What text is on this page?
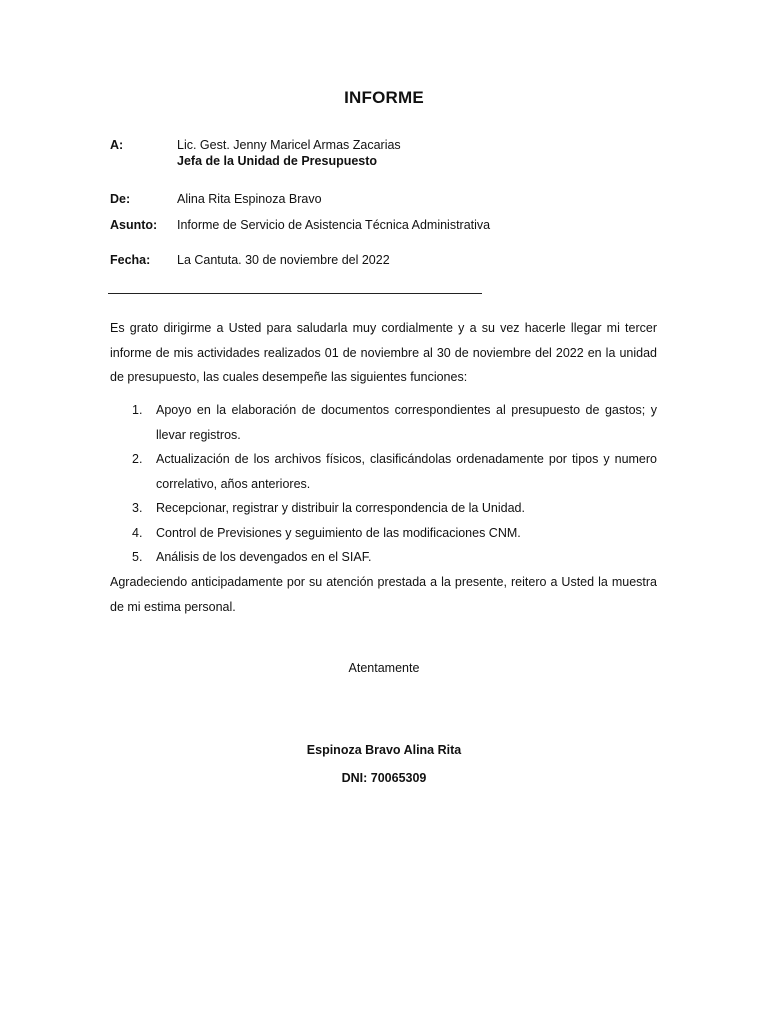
INFORME
A:	Lic. Gest. Jenny Maricel Armas Zacarias
Jefa de la Unidad de Presupuesto
De:	Alina Rita Espinoza Bravo
Asunto: Informe de Servicio de Asistencia Técnica Administrativa
Fecha: La Cantuta. 30 de noviembre del 2022
Es grato dirigirme a Usted para saludarla muy cordialmente y a su vez hacerle llegar mi tercer informe de mis actividades realizados 01 de noviembre al 30 de noviembre del 2022 en la unidad de presupuesto, las cuales desempeñe las siguientes funciones:
1. Apoyo en la elaboración de documentos correspondientes al presupuesto de gastos; y llevar registros.
2. Actualización de los archivos físicos, clasificándolas ordenadamente por tipos y numero correlativo, años anteriores.
3. Recepcionar, registrar y distribuir la correspondencia de la Unidad.
4. Control de Previsiones y seguimiento de las modificaciones CNM.
5. Análisis de los devengados en el SIAF.
Agradeciendo anticipadamente por su atención prestada a la presente, reitero a Usted la muestra de mi estima personal.
Atentamente
Espinoza Bravo Alina Rita
DNI: 70065309
